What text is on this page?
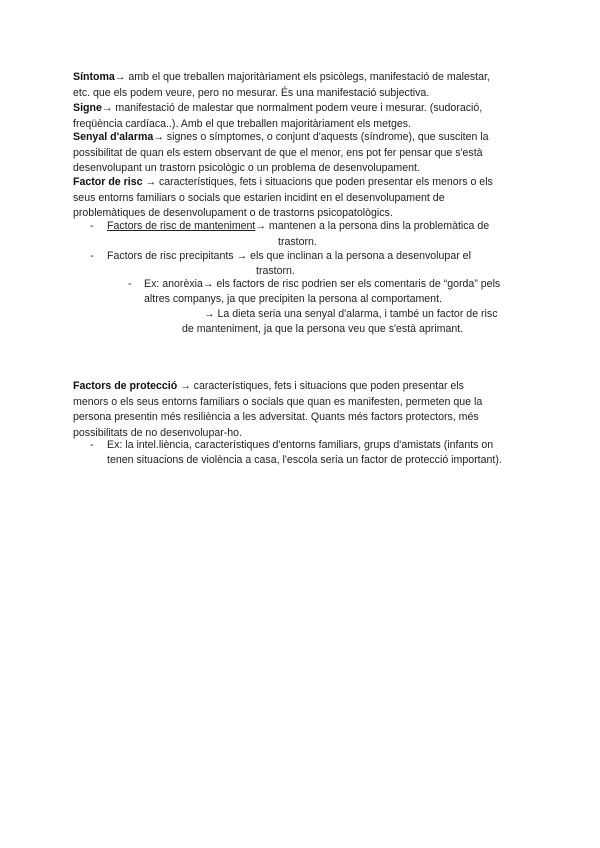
Síntoma→ amb el que treballen majoritàriament els psicòlegs, manifestació de malestar,
etc. que els podem veure, pero no mesurar. És una manifestació subjectiva.
Signe→ manifestació de malestar que normalment podem veure i mesurar. (sudoració,
freqüència cardíaca..). Amb el que treballen majoritàriament els metges.
Senyal d'alarma→ signes o símptomes, o conjunt d'aquests (síndrome), que susciten la
possibilitat de quan els estem observant de que el menor, ens pot fer pensar que s'està
desenvolupant un trastorn psicològic o un problema de desenvolupament.
Factor de risc → característiques, fets i situacions que poden presentar els menors o els
seus entorns familiars o socials que estarien incidint en el desenvolupament de
problemàtiques de desenvolupament o de trastorns psicopatològics.
- Factors de risc de manteniment→ mantenen a la persona dins la problemàtica de
trastorn.
- Factors de risc precipitants → els que inclinan a la persona a desenvolupar el
trastorn.
- Ex: anorèxia→ els factors de risc podrien ser els comentaris de “gorda” pels
altres companys, ja que precipiten la persona al comportament.
→ La dieta seria una senyal d'alarma, i també un factor de risc
de manteniment, ja que la persona veu que s'està aprimant.
Factors de protecció → característiques, fets i situacions que poden presentar els
menors o els seus entorns familiars o socials que quan es manifesten, permeten que la
persona presentin més resiliència a les adversitat. Quants més factors protectors, més
possibilitats de no desenvolupar-ho.
- Ex: la intel.liència, característiques d'entorns familiars, grups d'amistats (infants on
tenen situacions de violència a casa, l'escola seria un factor de protecció important).
